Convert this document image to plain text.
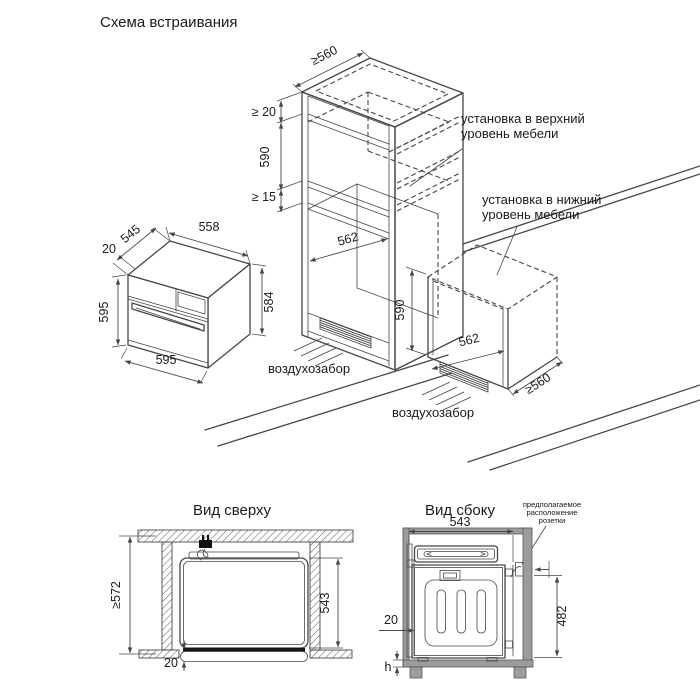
Схема встраивания
20
545	558
595	584
595
≥560
≥ 20
590
≥ 15
562
590
562
≥560
установка в верхний
уровень мебели
установка в нижний
уровень мебели
воздухозабор
воздухозабор
Вид сверху
≥572	543
20
Вид сбоку	предполагаемое
расположение
розетки
543
20
h
482
